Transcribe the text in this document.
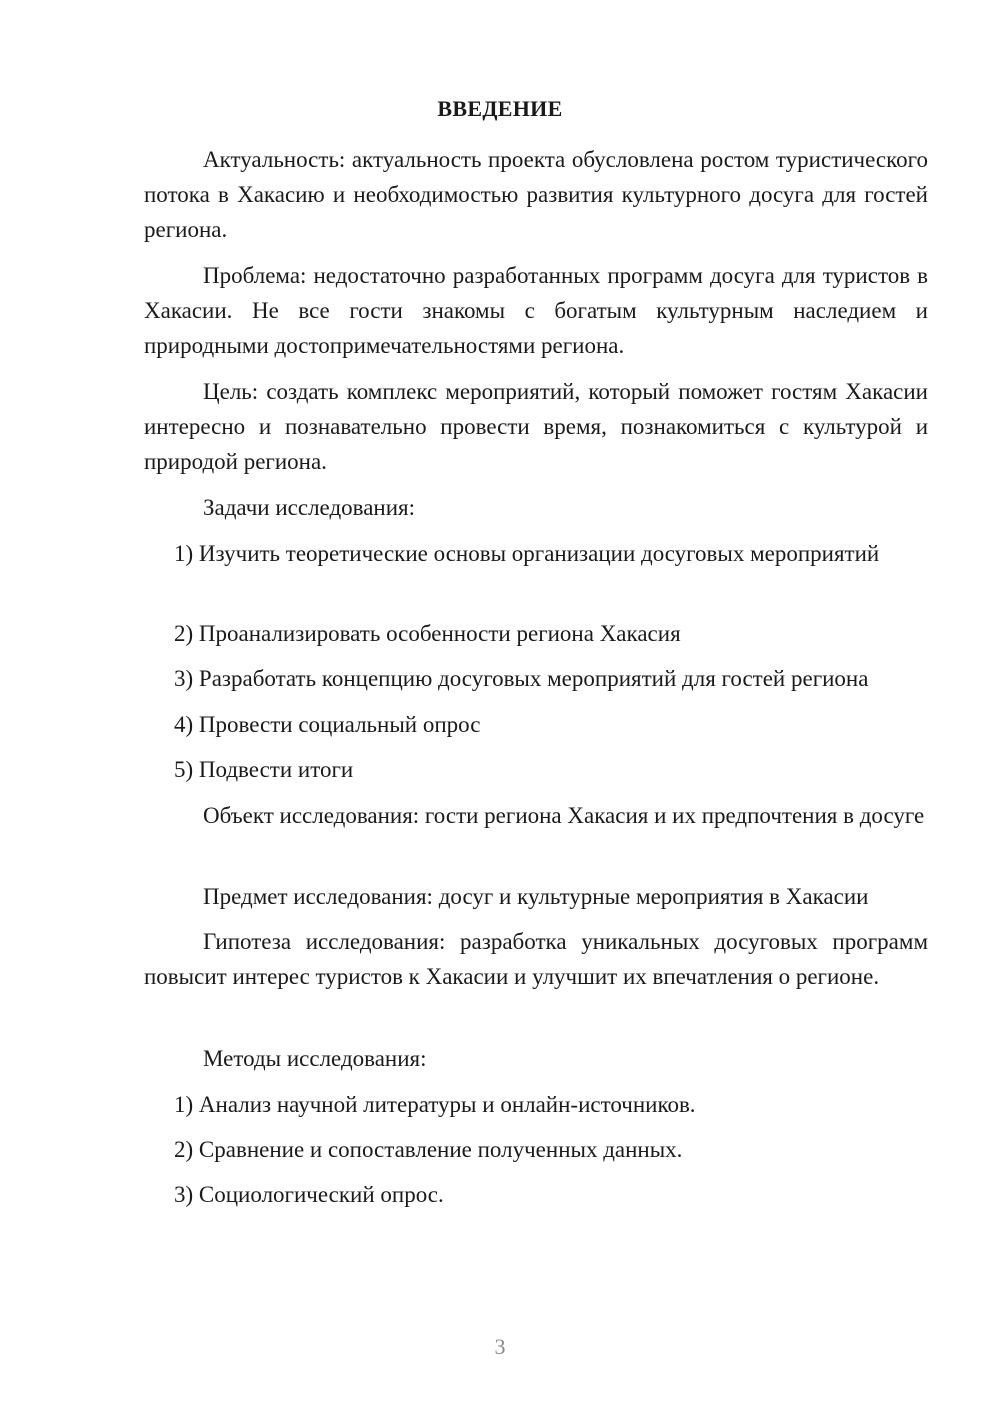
ВВЕДЕНИЕ

Актуальность: актуальность проекта обусловлена ростом туристического потока в Хакасию и необходимостью развития культурного досуга для гостей региона.

Проблема: недостаточно разработанных программ досуга для туристов в Хакасии. Не все гости знакомы с богатым культурным наследием и природными достопримечательностями региона.

Цель: создать комплекс мероприятий, который поможет гостям Хакасии интересно и познавательно провести время, познакомиться с культурой и природой региона.

Задачи исследования:

1) Изучить теоретические основы организации досуговых мероприятий

2) Проанализировать особенности региона Хакасия

3) Разработать концепцию досуговых мероприятий для гостей региона

4) Провести социальный опрос

5) Подвести итоги

Объект исследования: гости региона Хакасия и их предпочтения в досуге

Предмет исследования: досуг и культурные мероприятия в Хакасии

Гипотеза исследования: разработка уникальных досуговых программ повысит интерес туристов к Хакасии и улучшит их впечатления о регионе.

Методы исследования:

1) Анализ научной литературы и онлайн-источников.

2) Сравнение и сопоставление полученных данных.

3) Социологический опрос.

3
